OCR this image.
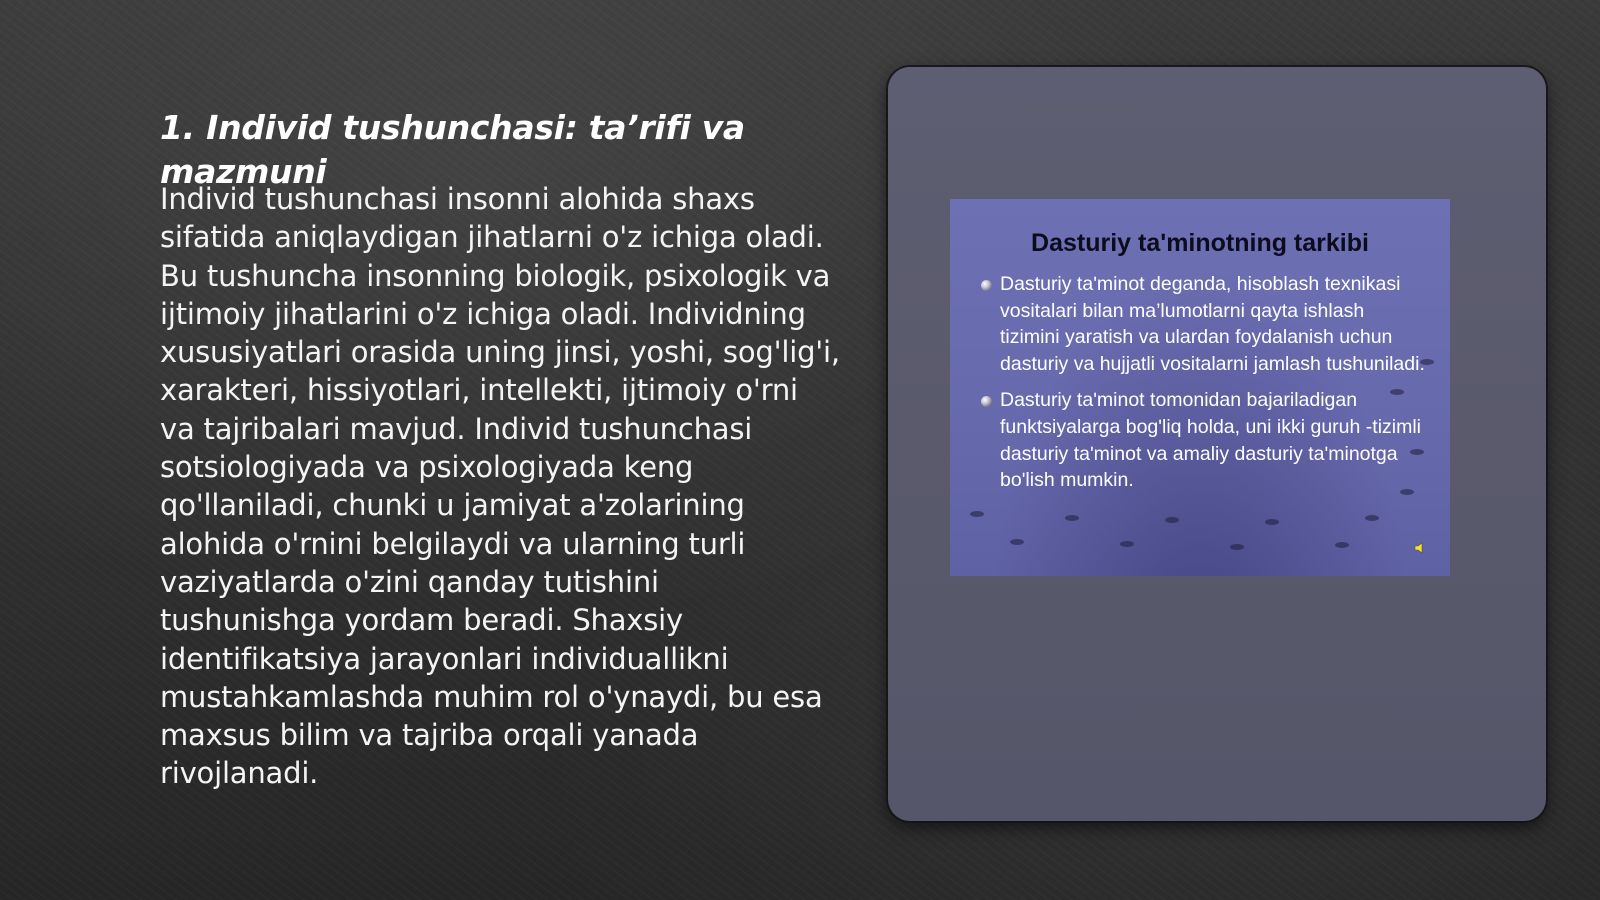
1. Individ tushunchasi: ta’rifi va mazmuni

Individ tushunchasi insonni alohida shaxs sifatida aniqlaydigan jihatlarni o'z ichiga oladi. Bu tushuncha insonning biologik, psixologik va ijtimoiy jihatlarini o'z ichiga oladi. Individning xususiyatlari orasida uning jinsi, yoshi, sog'lig'i, xarakteri, hissiyotlari, intellekti, ijtimoiy o'rni va tajribalari mavjud. Individ tushunchasi sotsiologiyada va psixologiyada keng qo'llaniladi, chunki u jamiyat a'zolarining alohida o'rnini belgilaydi va ularning turli vaziyatlarda o'zini qanday tutishini tushunishga yordam beradi. Shaxsiy identifikatsiya jarayonlari individuallikni mustahkamlashda muhim rol o'ynaydi, bu esa maxsus bilim va tajriba orqali yanada rivojlanadi.

Dasturiy taʹminotning tarkibi
Dasturiy taʹminot deganda, hisoblash texnikasi vositalari bilan ma’lumotlarni qayta ishlash tizimini yaratish va ulardan foydalanish uchun dasturiy va hujjatli vositalarni jamlash tushuniladi.
Dasturiy taʹminot tomonidan bajariladigan funktsiyalarga bogʹliq holda, uni ikki guruh -tizimli dasturiy taʹminot va amaliy dasturiy taʹminotga boʹlish mumkin.
